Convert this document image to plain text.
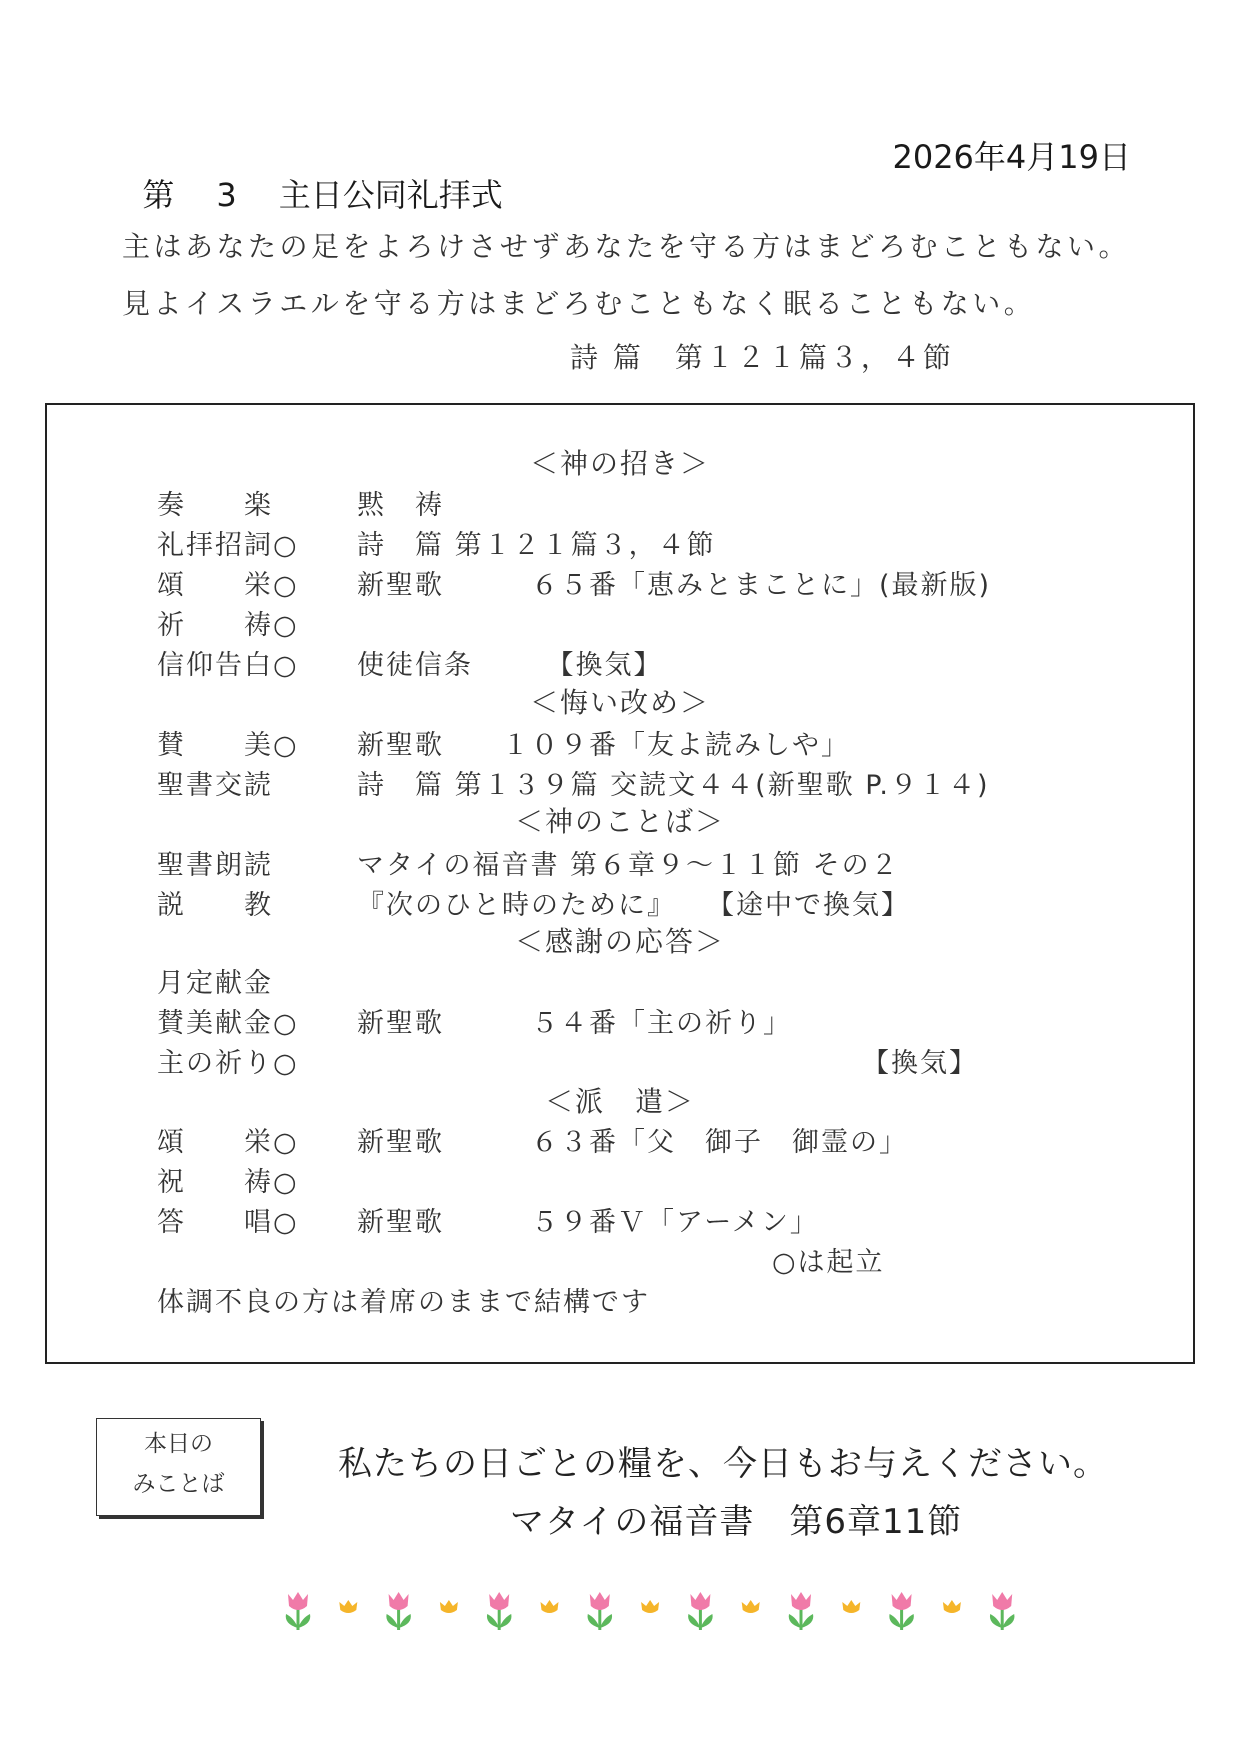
第 3 主日公同礼拝式

2026年4月19日
主はあなたの足をよろけさせずあなたを守る方はまどろむこともない。
見よイスラエルを守る方はまどろむこともなく眠ることもない。
詩 篇　第１２１篇３，４節
＜神の招き＞
奏　　楽	黙　祷
礼拝招詞○ 詩　篇 第１２１篇３，４節
頌　　栄○ 新聖歌　　　６５番「恵みとまことに」(最新版)
祈　　祷○
信仰告白○ 使徒信条　　　【換気】
＜悔い改め＞
賛　　美○ 新聖歌　　１０９番「友よ読みしや」
聖書交読	詩　篇 第１３９篇 交読文４４(新聖歌 P.９１４)
＜神のことば＞
聖書朗読	マタイの福音書 第６章９～１１節 その２
説　　教	『次のひと時のために』　　【途中で換気】
＜感謝の応答＞
月定献金
賛美献金○ 新聖歌　　　５４番「主の祈り」
主の祈り○	【換気】
＜派　遣＞
頌　　栄○ 新聖歌　　　６３番「父　御子　御霊の」
祝　　祷○
答　　唱○ 新聖歌　　　５９番Ｖ「アーメン」
○は起立
体調不良の方は着席のままで結構です
本日の
みことば	私たちの日ごとの糧を、今日もお与えください。
マタイの福音書　第6章11節
